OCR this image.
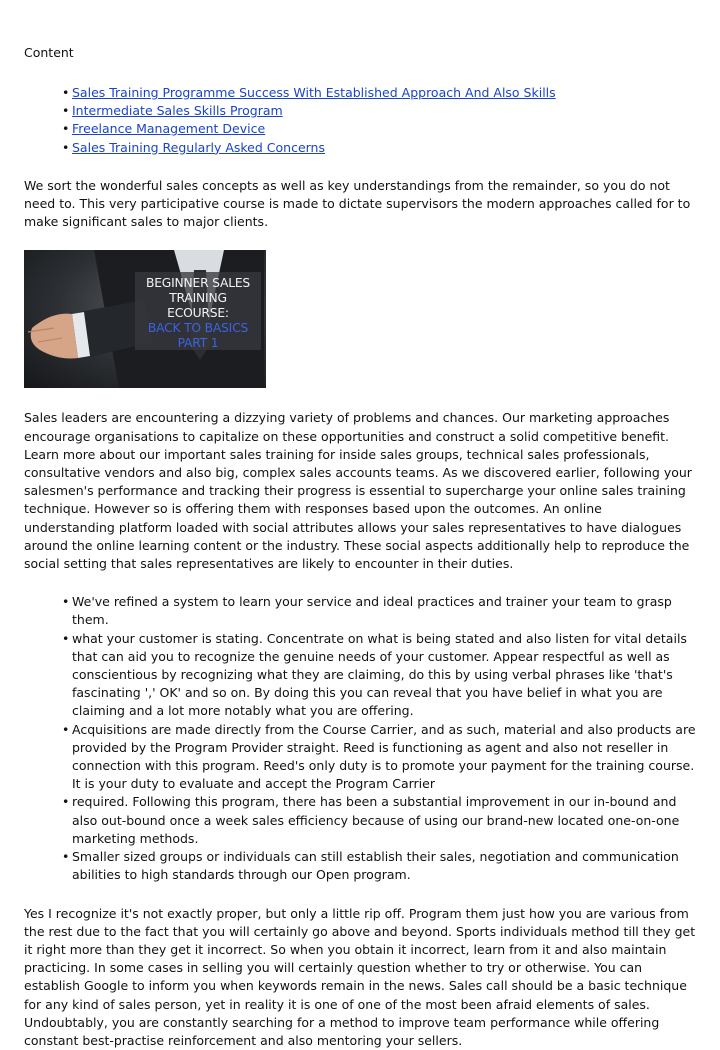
Content

• Sales Training Programme Success With Established Approach And Also Skills
• Intermediate Sales Skills Program
• Freelance Management Device
• Sales Training Regularly Asked Concerns

We sort the wonderful sales concepts as well as key understandings from the remainder, so you do not need to. This very participative course is made to dictate supervisors the modern approaches called for to make significant sales to major clients.

BEGINNER SALES
TRAINING
ECOURSE:
BACK TO BASICS
PART 1

Sales leaders are encountering a dizzying variety of problems and chances. Our marketing approaches encourage organisations to capitalize on these opportunities and construct a solid competitive benefit. Learn more about our important sales training for inside sales groups, technical sales professionals, consultative vendors and also big, complex sales accounts teams. As we discovered earlier, following your salesmen's performance and tracking their progress is essential to supercharge your online sales training technique. However so is offering them with responses based upon the outcomes. An online understanding platform loaded with social attributes allows your sales representatives to have dialogues around the online learning content or the industry. These social aspects additionally help to reproduce the social setting that sales representatives are likely to encounter in their duties.

• We've refined a system to learn your service and ideal practices and trainer your team to grasp them.
• what your customer is stating. Concentrate on what is being stated and also listen for vital details that can aid you to recognize the genuine needs of your customer. Appear respectful as well as conscientious by recognizing what they are claiming, do this by using verbal phrases like 'that's fascinating ',' OK' and so on. By doing this you can reveal that you have belief in what you are claiming and a lot more notably what you are offering.
• Acquisitions are made directly from the Course Carrier, and as such, material and also products are provided by the Program Provider straight. Reed is functioning as agent and also not reseller in connection with this program. Reed's only duty is to promote your payment for the training course. It is your duty to evaluate and accept the Program Carrier
• required. Following this program, there has been a substantial improvement in our in-bound and also out-bound once a week sales efficiency because of using our brand-new located one-on-one marketing methods.
• Smaller sized groups or individuals can still establish their sales, negotiation and communication abilities to high standards through our Open program.

Yes I recognize it's not exactly proper, but only a little rip off. Program them just how you are various from the rest due to the fact that you will certainly go above and beyond. Sports individuals method till they get it right more than they get it incorrect. So when you obtain it incorrect, learn from it and also maintain practicing. In some cases in selling you will certainly question whether to try or otherwise. You can establish Google to inform you when keywords remain in the news. Sales call should be a basic technique for any kind of sales person, yet in reality it is one of one of the most been afraid elements of sales. Undoubtably, you are constantly searching for a method to improve team performance while offering constant best-practise reinforcement and also mentoring your sellers.
